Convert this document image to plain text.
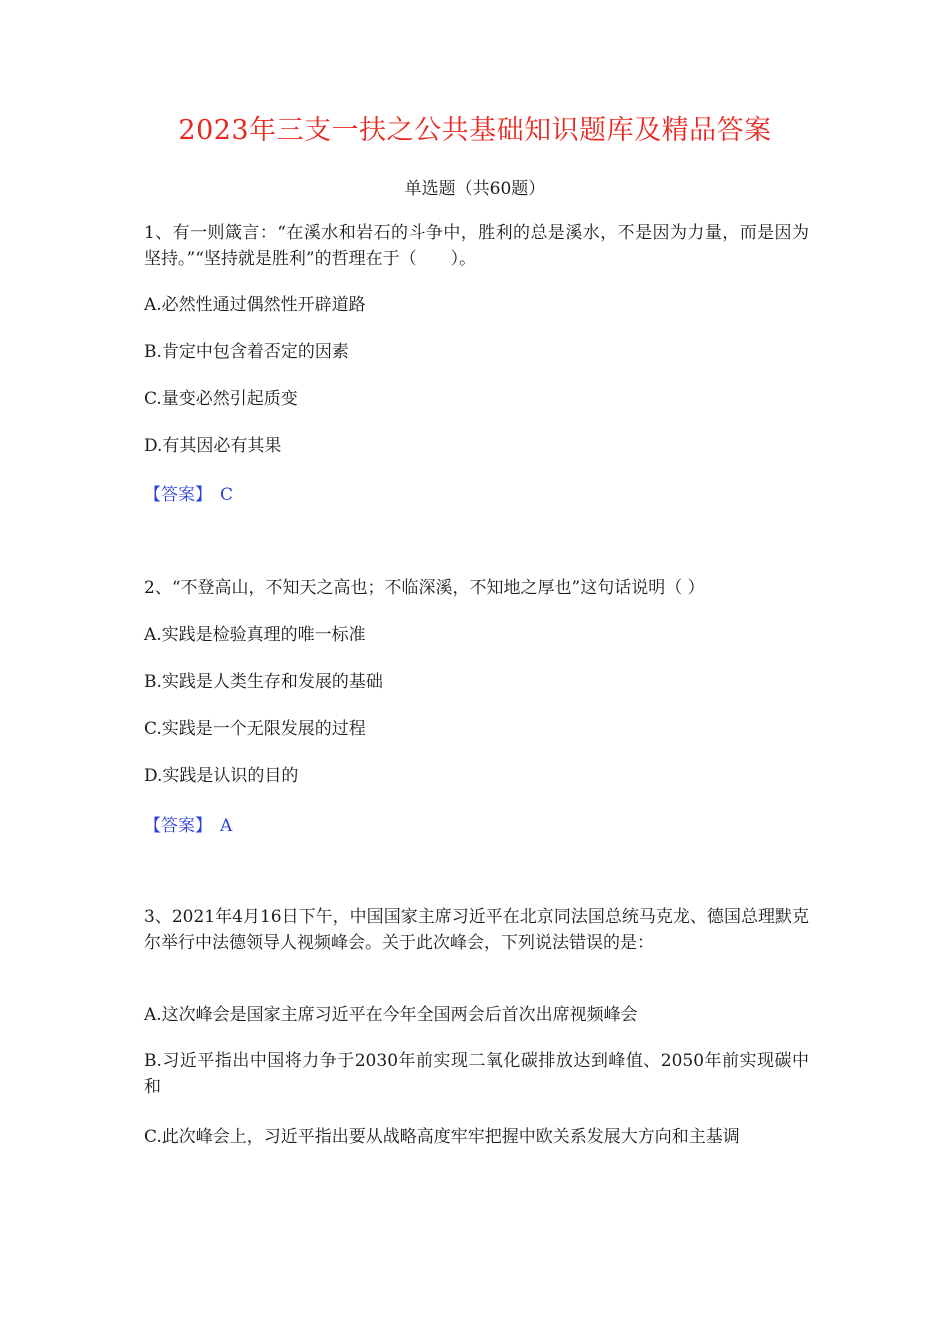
2023年三支一扶之公共基础知识题库及精品答案
单选题（共60题）
1、有一则箴言：“在溪水和岩石的斗争中，胜利的总是溪水，不是因为力量，而是因为坚持。”“坚持就是胜利”的哲理在于（　　）。
A.必然性通过偶然性开辟道路
B.肯定中包含着否定的因素
C.量变必然引起质变
D.有其因必有其果
【答案】 C
2、“不登高山，不知天之高也；不临深溪，不知地之厚也”这句话说明（ ）
A.实践是检验真理的唯一标准
B.实践是人类生存和发展的基础
C.实践是一个无限发展的过程
D.实践是认识的目的
【答案】 A
3、2021年4月16日下午，中国国家主席习近平在北京同法国总统马克龙、德国总理默克尔举行中法德领导人视频峰会。关于此次峰会，下列说法错误的是：
A.这次峰会是国家主席习近平在今年全国两会后首次出席视频峰会
B.习近平指出中国将力争于2030年前实现二氧化碳排放达到峰值、2050年前实现碳中和
C.此次峰会上，习近平指出要从战略高度牢牢把握中欧关系发展大方向和主基调
